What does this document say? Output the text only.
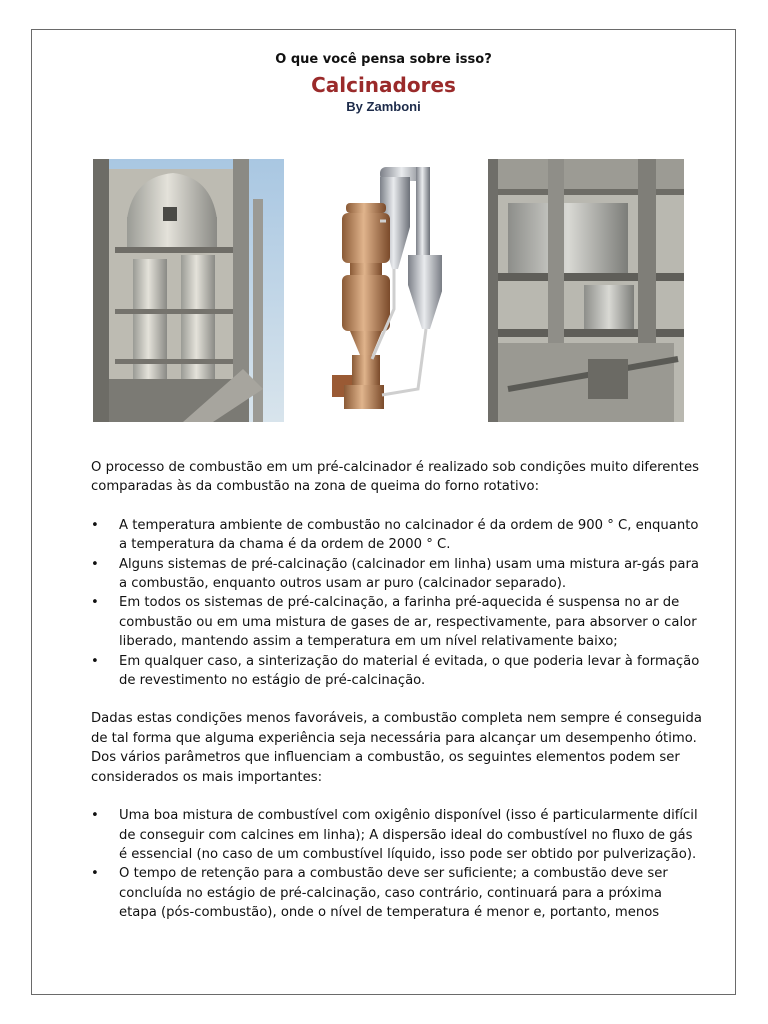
O que você pensa sobre isso?
Calcinadores
By Zamboni

O processo de combustão em um pré-calcinador é realizado sob condições muito diferentes comparadas às da combustão na zona de queima do forno rotativo:

• A temperatura ambiente de combustão no calcinador é da ordem de 900 ° C, enquanto a temperatura da chama é da ordem de 2000 ° C.
• Alguns sistemas de pré-calcinação (calcinador em linha) usam uma mistura ar-gás para a combustão, enquanto outros usam ar puro (calcinador separado).
• Em todos os sistemas de pré-calcinação, a farinha pré-aquecida é suspensa no ar de combustão ou em uma mistura de gases de ar, respectivamente, para absorver o calor liberado, mantendo assim a temperatura em um nível relativamente baixo;
• Em qualquer caso, a sinterização do material é evitada, o que poderia levar à formação de revestimento no estágio de pré-calcinação.

Dadas estas condições menos favoráveis, a combustão completa nem sempre é conseguida de tal forma que alguma experiência seja necessária para alcançar um desempenho ótimo. Dos vários parâmetros que influenciam a combustão, os seguintes elementos podem ser considerados os mais importantes:

• Uma boa mistura de combustível com oxigênio disponível (isso é particularmente difícil de conseguir com calcines em linha); A dispersão ideal do combustível no fluxo de gás é essencial (no caso de um combustível líquido, isso pode ser obtido por pulverização).
• O tempo de retenção para a combustão deve ser suficiente; a combustão deve ser concluída no estágio de pré-calcinação, caso contrário, continuará para a próxima etapa (pós-combustão), onde o nível de temperatura é menor e, portanto, menos
